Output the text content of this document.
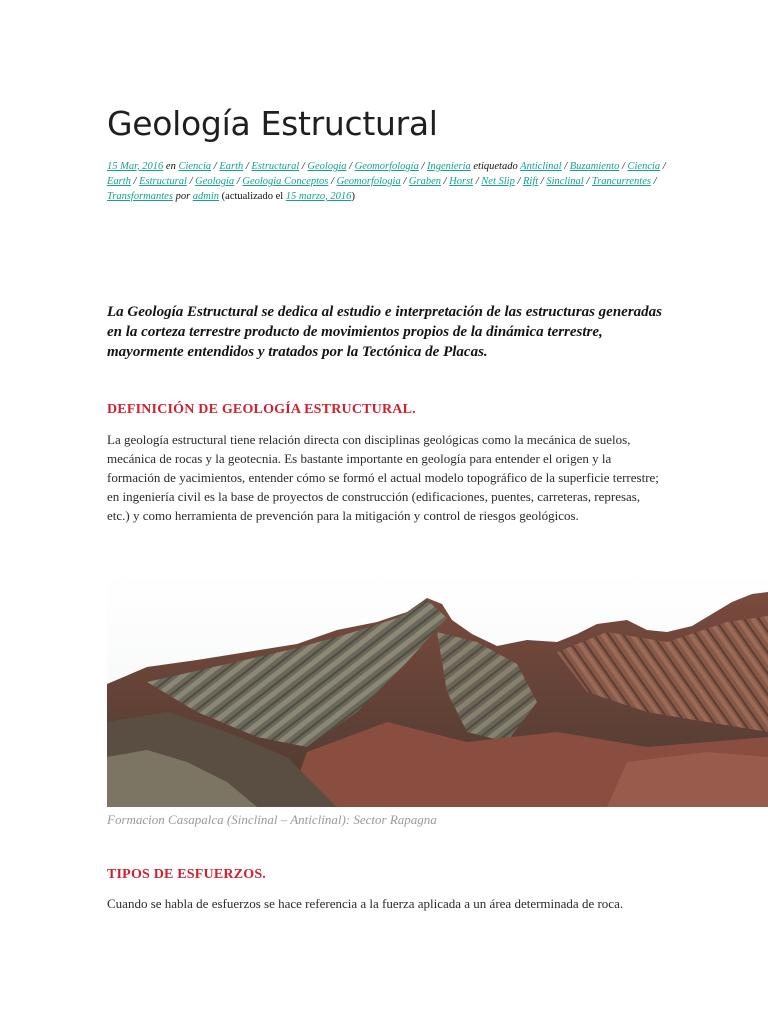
Geología Estructural
15 Mar, 2016 en Ciencia / Earth / Estructural / Geologia / Geomorfología / Ingenieria etiquetado Anticlinal / Buzamiento / Ciencia / Earth / Estructural / Geologia / Geologia Conceptos / Geomorfologia / Graben / Horst / Net Slip / Rift / Sinclinal / Trancurrentes / Transformantes por admin (actualizado el 15 marzo, 2016)

La Geología Estructural se dedica al estudio e interpretación de las estructuras generadas en la corteza terrestre producto de movimientos propios de la dinámica terrestre, mayormente entendidos y tratados por la Tectónica de Placas.

DEFINICIÓN DE GEOLOGÍA ESTRUCTURAL.

La geología estructural tiene relación directa con disciplinas geológicas como la mecánica de suelos, mecánica de rocas y la geotecnia. Es bastante importante en geología para entender el origen y la formación de yacimientos, entender cómo se formó el actual modelo topográfico de la superficie terrestre; en ingeniería civil es la base de proyectos de construcción (edificaciones, puentes, carreteras, represas, etc.) y como herramienta de prevención para la mitigación y control de riesgos geológicos.

Formacion Casapalca (Sinclinal – Anticlinal): Sector Rapagna

TIPOS DE ESFUERZOS.

Cuando se habla de esfuerzos se hace referencia a la fuerza aplicada a un área determinada de roca.
